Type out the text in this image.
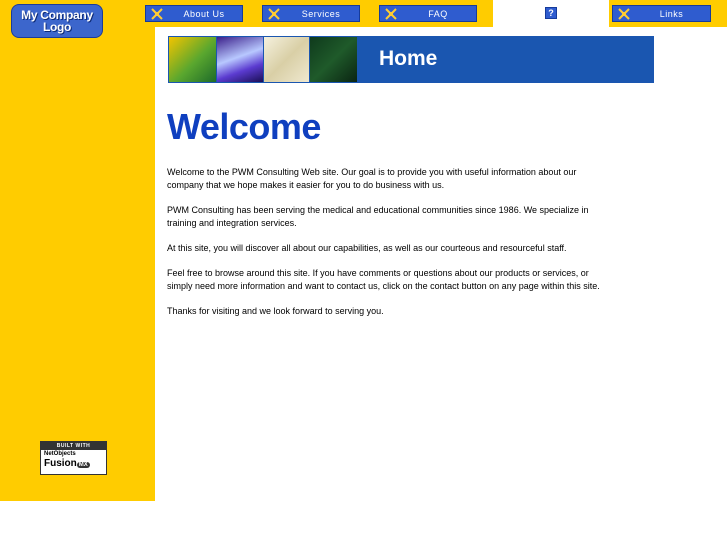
My Company
Logo
About Us	Services	FAQ	?	Links
Home
Welcome

Welcome to the PWM Consulting Web site. Our goal is to provide you with useful information about our company that we hope makes it easier for you to do business with us.

PWM Consulting has been serving the medical and educational communities since 1986. We specialize in training and integration services.

At this site, you will discover all about our capabilities, as well as our courteous and resourceful staff.

Feel free to browse around this site. If you have comments or questions about our products or services, or simply need more information and want to contact us, click on the contact button on any page within this site.

Thanks for visiting and we look forward to serving you.

BUILT WITH
NetObjects
Fusion MX
